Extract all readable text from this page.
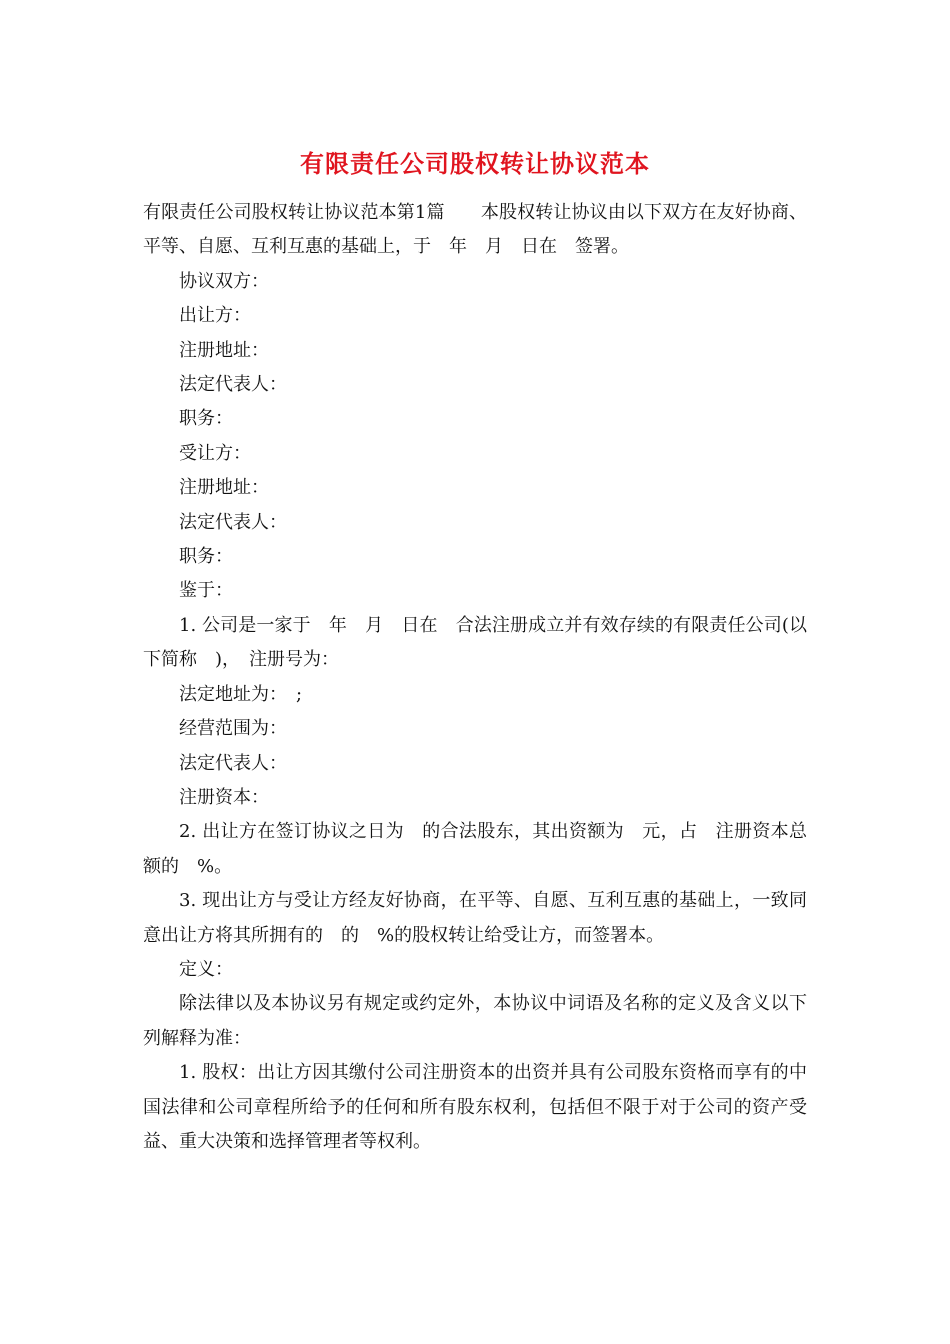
有限责任公司股权转让协议范本

有限责任公司股权转让协议范本第1篇　　本股权转让协议由以下双方在友好协商、平等、自愿、互利互惠的基础上，于　年　月　日在　签署。

协议双方：

出让方：

注册地址：

法定代表人：

职务：

受让方：

注册地址：

法定代表人：

职务：

鉴于：

1. 公司是一家于　年　月　日在　合法注册成立并有效存续的有限责任公司(以下简称　)，　注册号为：

法定地址为：　;

经营范围为：

法定代表人：

注册资本：

2. 出让方在签订协议之日为　的合法股东，其出资额为　元，占　注册资本总额的　%。

3. 现出让方与受让方经友好协商，在平等、自愿、互利互惠的基础上，一致同意出让方将其所拥有的　的　%的股权转让给受让方，而签署本。

定义：

除法律以及本协议另有规定或约定外，本协议中词语及名称的定义及含义以下列解释为准：

1. 股权：出让方因其缴付公司注册资本的出资并具有公司股东资格而享有的中国法律和公司章程所给予的任何和所有股东权利，包括但不限于对于公司的资产受益、重大决策和选择管理者等权利。
